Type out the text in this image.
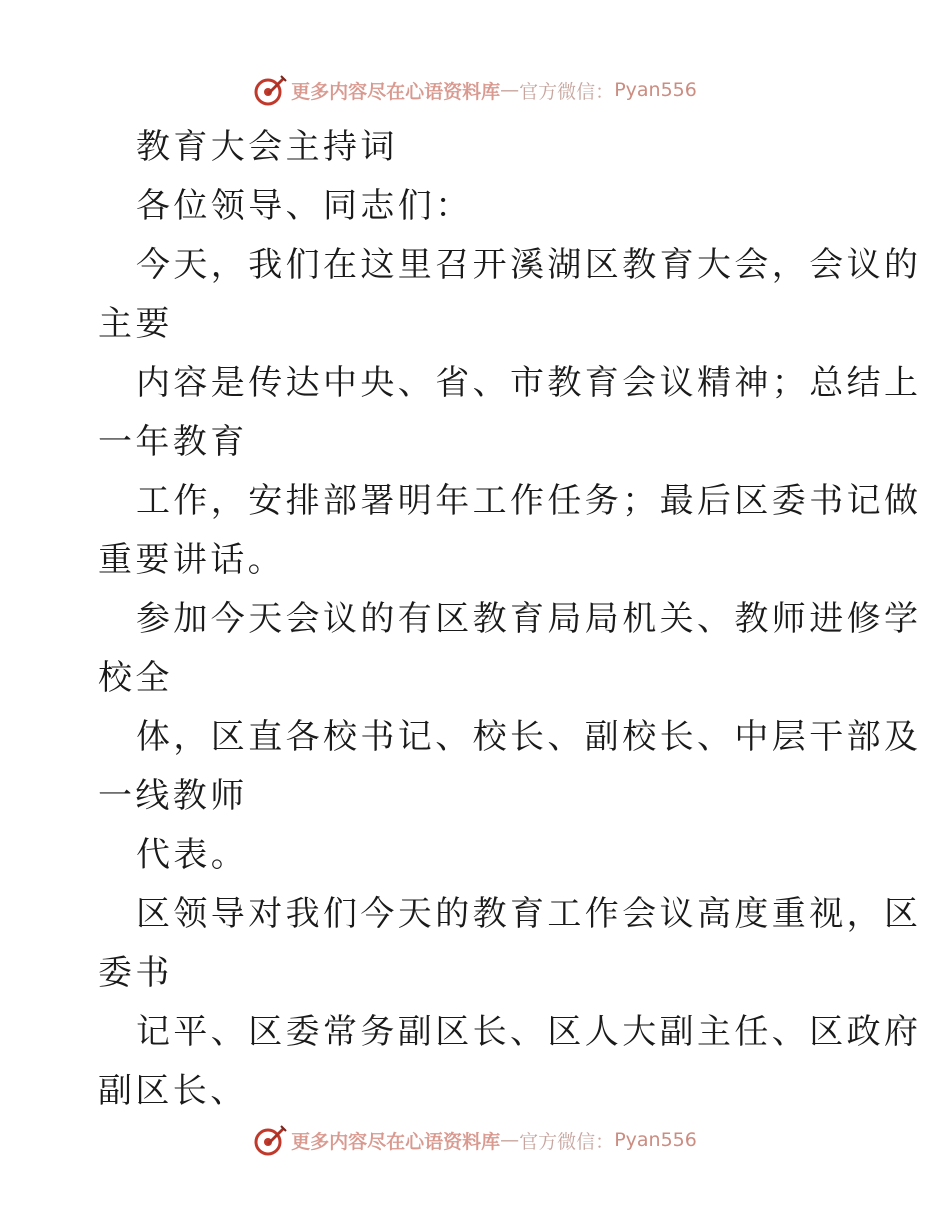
更多内容尽在心语资料库 — 官方微信： Pyan556
教育大会主持词
各位领导、同志们：
今天，我们在这里召开溪湖区教育大会，会议的
主要
内容是传达中央、省、市教育会议精神；总结上
一年教育
工作，安排部署明年工作任务；最后区委书记做
重要讲话。
参加今天会议的有区教育局局机关、教师进修学
校全
体，区直各校书记、校长、副校长、中层干部及
一线教师
代表。
区领导对我们今天的教育工作会议高度重视，区
委书
记平、区委常务副区长、区人大副主任、区政府
副区长、
更多内容尽在心语资料库 — 官方微信： Pyan556
